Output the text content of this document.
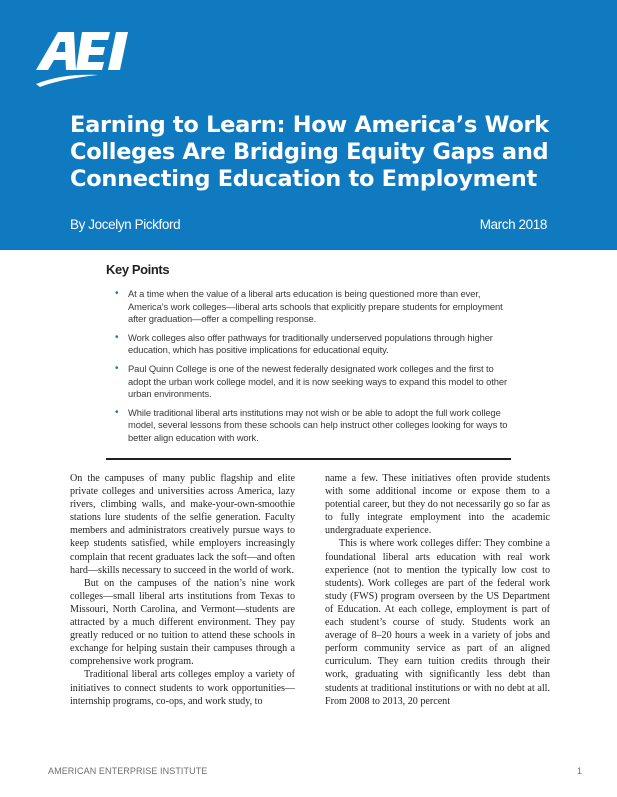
Earning to Learn: How America’s Work Colleges Are Bridging Equity Gaps and Connecting Education to Employment
By Jocelyn Pickford	March 2018
Key Points
• At a time when the value of a liberal arts education is being questioned more than ever, America’s work colleges—liberal arts schools that explicitly prepare students for employment after graduation—offer a compelling response.
• Work colleges also offer pathways for traditionally underserved populations through higher education, which has positive implications for educational equity.
• Paul Quinn College is one of the newest federally designated work colleges and the first to adopt the urban work college model, and it is now seeking ways to expand this model to other urban environments.
• While traditional liberal arts institutions may not wish or be able to adopt the full work college model, several lessons from these schools can help instruct other colleges looking for ways to better align education with work.

On the campuses of many public flagship and elite private colleges and universities across America, lazy rivers, climbing walls, and make-your-own-smoothie stations lure students of the selfie generation. Faculty members and administrators creatively pursue ways to keep students satisfied, while employers increasingly complain that recent graduates lack the soft—and often hard—skills necessary to succeed in the world of work.

But on the campuses of the nation’s nine work colleges—small liberal arts institutions from Texas to Missouri, North Carolina, and Vermont—students are attracted by a much different environment. They pay greatly reduced or no tuition to attend these schools in exchange for helping sustain their campuses through a comprehensive work program.

Traditional liberal arts colleges employ a variety of initiatives to connect students to work opportunities—internship programs, co-ops, and work study, to

name a few. These initiatives often provide students with some additional income or expose them to a potential career, but they do not necessarily go so far as to fully integrate employment into the academic undergraduate experience.

This is where work colleges differ: They combine a foundational liberal arts education with real work experience (not to mention the typically low cost to students). Work colleges are part of the federal work study (FWS) program overseen by the US Department of Education. At each college, employment is part of each student’s course of study. Students work an average of 8–20 hours a week in a variety of jobs and perform community service as part of an aligned curriculum. They earn tuition credits through their work, graduating with significantly less debt than students at traditional institutions or with no debt at all. From 2008 to 2013, 20 percent

AMERICAN ENTERPRISE INSTITUTE	1
